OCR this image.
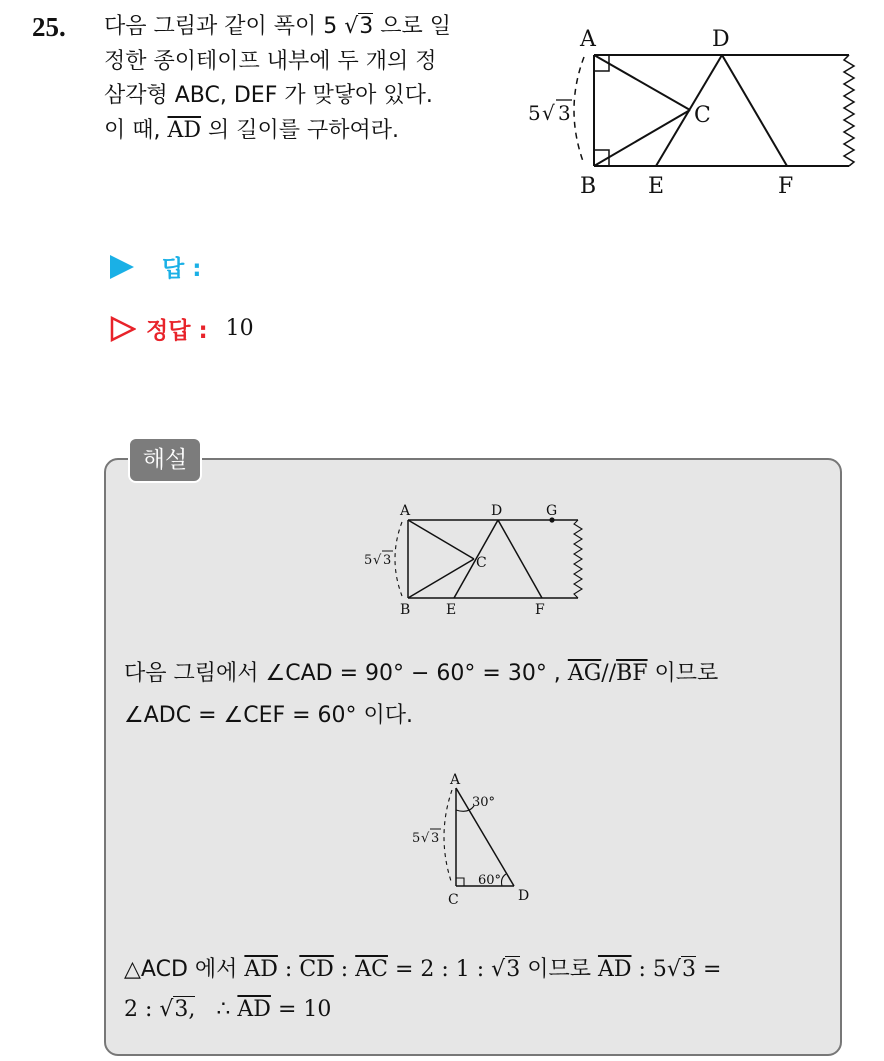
25. 다음 그림과 같이 폭이 5 √3 으로 일
정한 종이테이프 내부에 두 개의 정
삼각형 ABC, DEF 가 맞닿아 있다.
이 때, $\overline{AD}$ 의 길이를 구하여라.
A	D
C
B E	F
5 √ 3
답 :
정답 : 10
해설
A	D	G
C
B	E	F
5 √ 3
다음 그림에서 ∠CAD = 90° − 60° = 30° , $\overline{AG}//\overline{BF}$ 이므로
∠ADC = ∠CEF = 60° 이다.
A
C	D
30°
60°
5 √ 3
△ACD 에서 $\overline{AD}$ : $\overline{CD}$ : $\overline{AC} = 2$ : 1 : √3 이므로 $\overline{AD}$ : 5√3 =
2 : √3, ∴ $\overline{AD} = 10$
